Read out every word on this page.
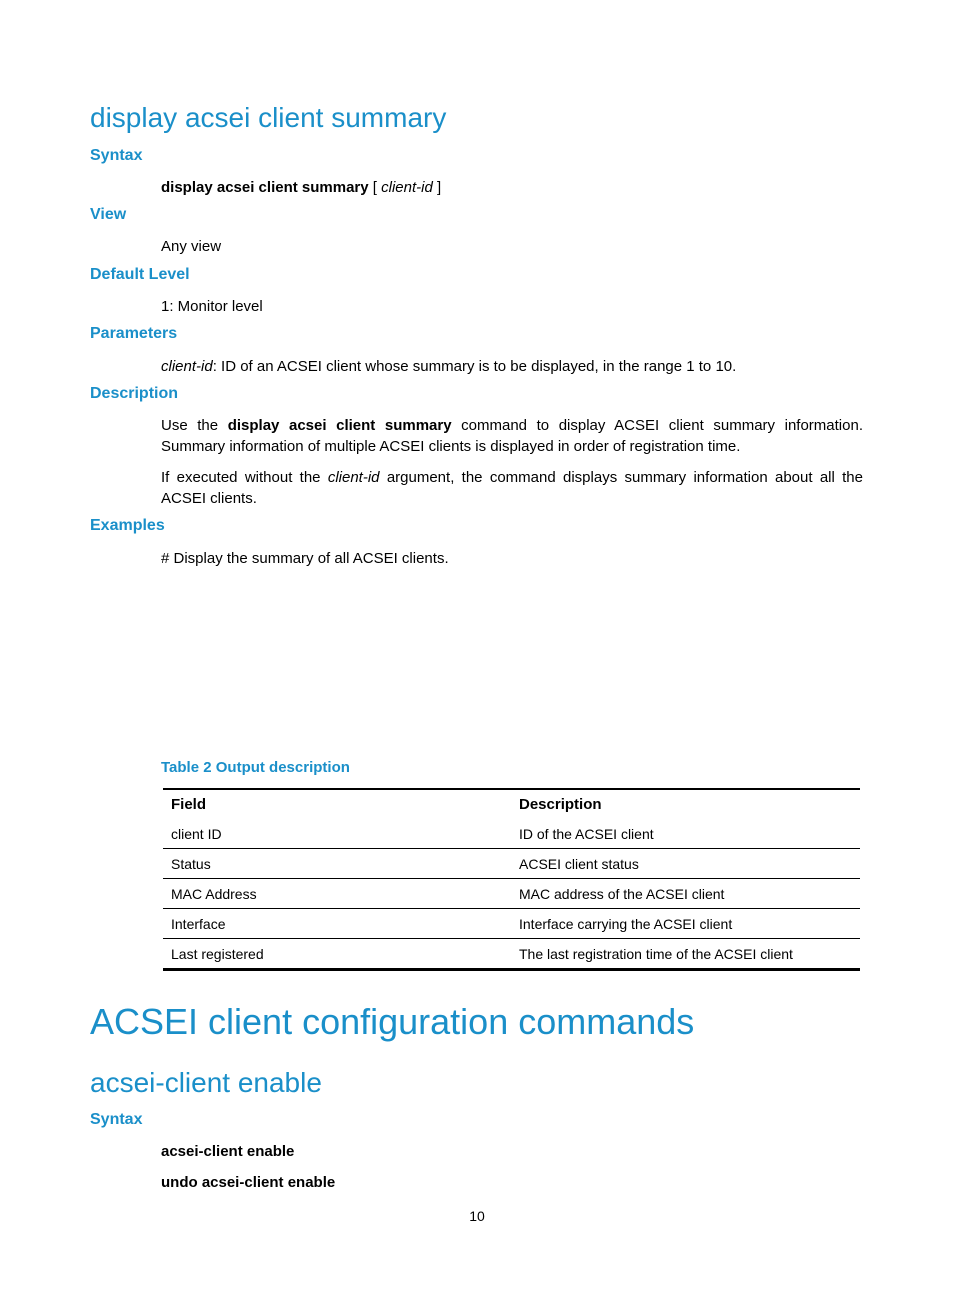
display acsei client summary
Syntax
display acsei client summary [ client-id ]
View
Any view
Default Level
1: Monitor level
Parameters
client-id: ID of an ACSEI client whose summary is to be displayed, in the range 1 to 10.
Description
Use the display acsei client summary command to display ACSEI client summary information. Summary information of multiple ACSEI clients is displayed in order of registration time.
If executed without the client-id argument, the command displays summary information about all the ACSEI clients.
Examples
# Display the summary of all ACSEI clients.
Table 2 Output description
Field	Description
client ID	ID of the ACSEI client
Status	ACSEI client status
MAC Address	MAC address of the ACSEI client
Interface	Interface carrying the ACSEI client
Last registered	The last registration time of the ACSEI client
ACSEI client configuration commands
acsei-client enable
Syntax
acsei-client enable
undo acsei-client enable
10
